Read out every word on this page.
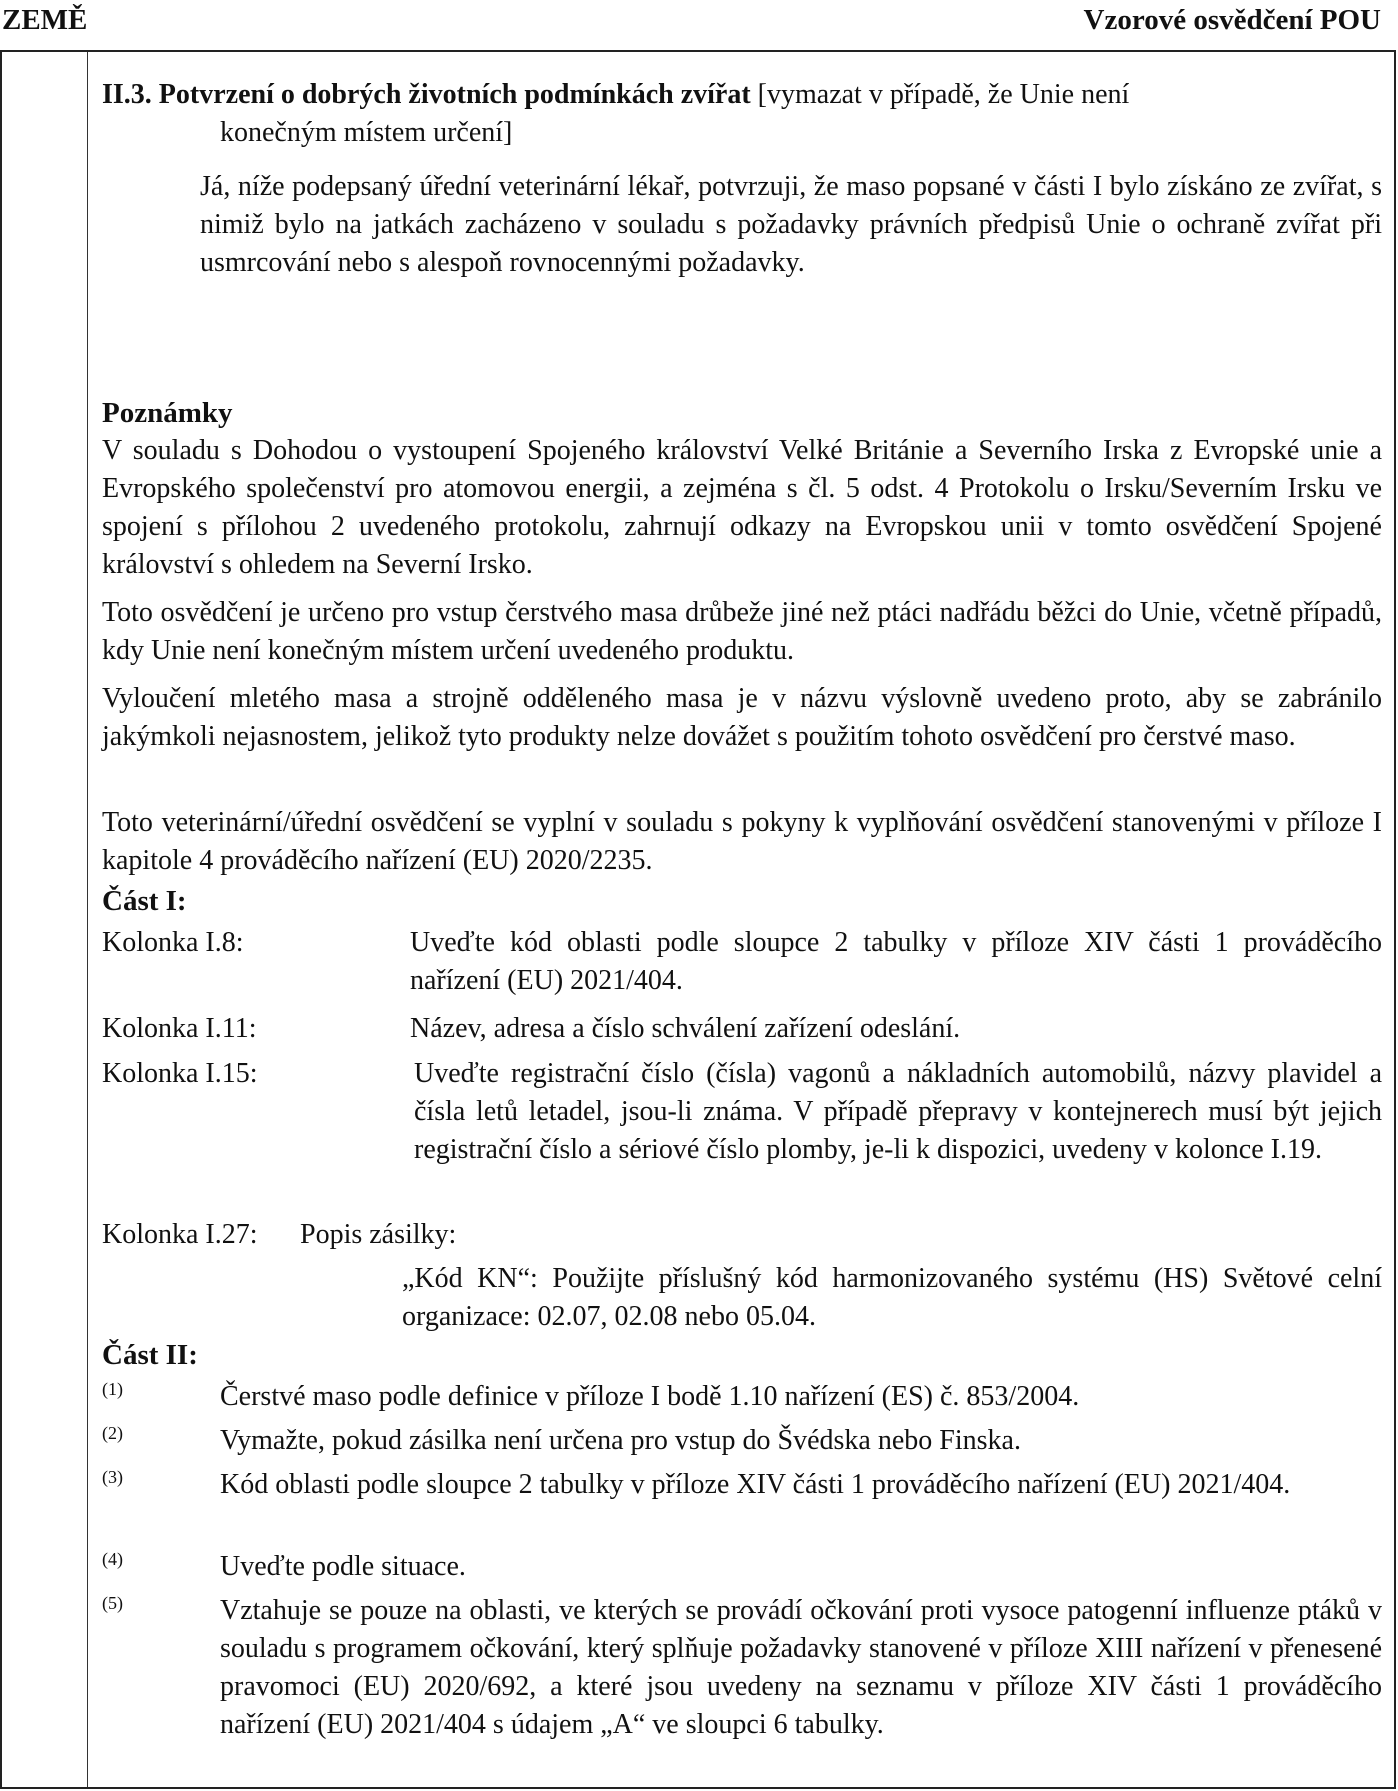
ZEMĚ	Vzorové osvědčení POU
II.3. Potvrzení o dobrých životních podmínkách zvířat [vymazat v případě, že Unie není
konečným místem určení]
Já, níže podepsaný úřední veterinární lékař, potvrzuji, že maso popsané v části I bylo získáno ze zvířat, s nimiž bylo na jatkách zacházeno v souladu s požadavky právních předpisů Unie o ochraně zvířat při usmrcování nebo s alespoň rovnocennými požadavky.
Poznámky
V souladu s Dohodou o vystoupení Spojeného království Velké Británie a Severního Irska z Evropské unie a Evropského společenství pro atomovou energii, a zejména s čl. 5 odst. 4 Protokolu o Irsku/Severním Irsku ve spojení s přílohou 2 uvedeného protokolu, zahrnují odkazy na Evropskou unii v tomto osvědčení Spojené království s ohledem na Severní Irsko.
Toto osvědčení je určeno pro vstup čerstvého masa drůbeže jiné než ptáci nadřádu běžci do Unie, včetně případů, kdy Unie není konečným místem určení uvedeného produktu.
Vyloučení mletého masa a strojně odděleného masa je v názvu výslovně uvedeno proto, aby se zabránilo jakýmkoli nejasnostem, jelikož tyto produkty nelze dovážet s použitím tohoto osvědčení pro čerstvé maso.
Toto veterinární/úřední osvědčení se vyplní v souladu s pokyny k vyplňování osvědčení stanovenými v příloze I kapitole 4 prováděcího nařízení (EU) 2020/2235.
Část I:
Kolonka I.8:	Uveďte kód oblasti podle sloupce 2 tabulky v příloze XIV části 1 prováděcího nařízení (EU) 2021/404.
Kolonka I.11:	Název, adresa a číslo schválení zařízení odeslání.
Kolonka I.15:	Uveďte registrační číslo (čísla) vagonů a nákladních automobilů, názvy plavidel a čísla letů letadel, jsou-li známa. V případě přepravy v kontejnerech musí být jejich registrační číslo a sériové číslo plomby, je-li k dispozici, uvedeny v kolonce I.19.
Kolonka I.27: Popis zásilky:
„Kód KN“: Použijte příslušný kód harmonizovaného systému (HS) Světové celní organizace: 02.07, 02.08 nebo 05.04.
Část II:
(1)	Čerstvé maso podle definice v příloze I bodě 1.10 nařízení (ES) č. 853/2004.
(2)	Vymažte, pokud zásilka není určena pro vstup do Švédska nebo Finska.
(3)	Kód oblasti podle sloupce 2 tabulky v příloze XIV části 1 prováděcího nařízení (EU) 2021/404.
(4)	Uveďte podle situace.
(5)	Vztahuje se pouze na oblasti, ve kterých se provádí očkování proti vysoce patogenní influenze ptáků v souladu s programem očkování, který splňuje požadavky stanovené v příloze XIII nařízení v přenesené pravomoci (EU) 2020/692, a které jsou uvedeny na seznamu v příloze XIV části 1 prováděcího nařízení (EU) 2021/404 s údajem „A“ ve sloupci 6 tabulky.
